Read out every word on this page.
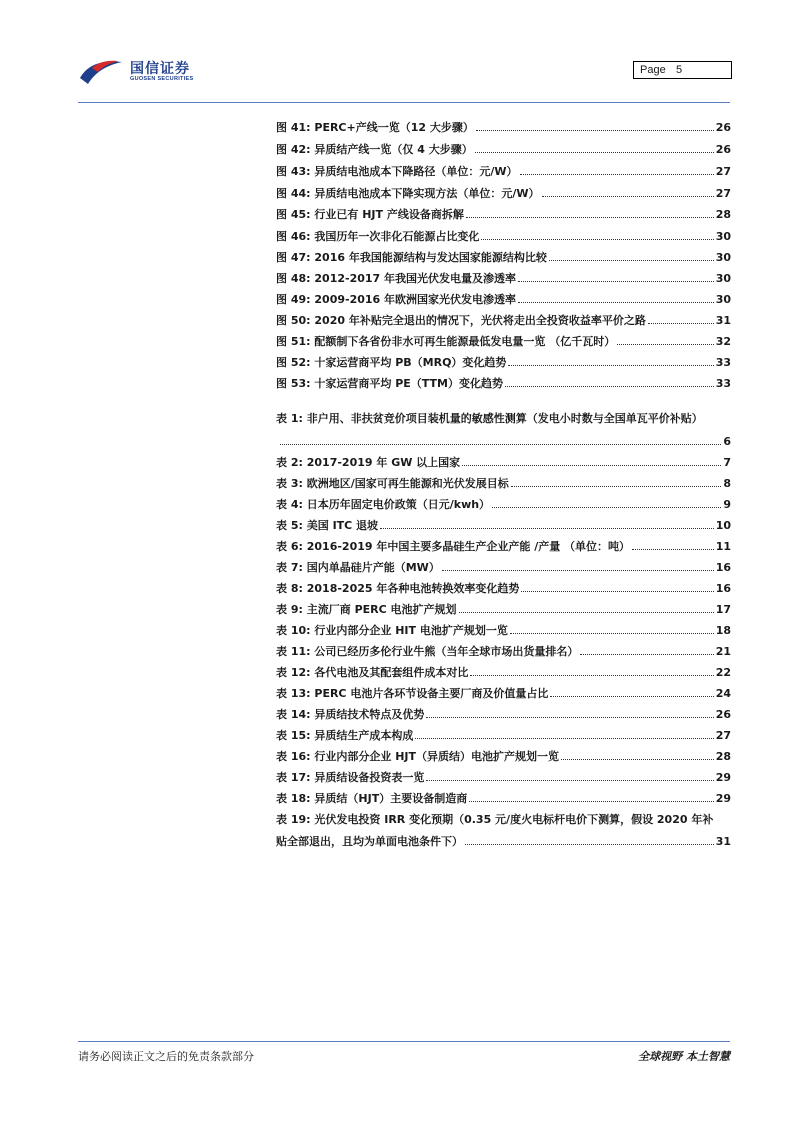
国信证券
GUOSEN SECURITIES
Page 5
图 41: PERC+产线一览（12 大步骤）	26
图 42: 异质结产线一览（仅 4 大步骤）	26
图 43: 异质结电池成本下降路径（单位：元/W）	27
图 44: 异质结电池成本下降实现方法（单位：元/W）	27
图 45: 行业已有 HJT 产线设备商拆解	28
图 46: 我国历年一次非化石能源占比变化	30
图 47: 2016 年我国能源结构与发达国家能源结构比较	30
图 48: 2012-2017 年我国光伏发电量及渗透率	30
图 49: 2009-2016 年欧洲国家光伏发电渗透率	30
图 50: 2020 年补贴完全退出的情况下，光伏将走出全投资收益率平价之路	31
图 51: 配额制下各省份非水可再生能源最低发电量一览 （亿千瓦时）	32
图 52: 十家运营商平均 PB（MRQ）变化趋势	33
图 53: 十家运营商平均 PE（TTM）变化趋势	33
表 1: 非户用、非扶贫竞价项目装机量的敏感性测算（发电小时数与全国单瓦平价补贴）
6
表 2: 2017-2019 年 GW 以上国家	7
表 3: 欧洲地区/国家可再生能源和光伏发展目标	8
表 4: 日本历年固定电价政策（日元/kwh）	9
表 5: 美国 ITC 退坡	10
表 6: 2016-2019 年中国主要多晶硅生产企业产能 /产量 （单位：吨）	11
表 7: 国内单晶硅片产能（MW）	16
表 8: 2018-2025 年各种电池转换效率变化趋势	16
表 9: 主流厂商 PERC 电池扩产规划	17
表 10: 行业内部分企业 HIT 电池扩产规划一览	18
表 11: 公司已经历多伦行业牛熊（当年全球市场出货量排名）	21
表 12: 各代电池及其配套组件成本对比	22
表 13: PERC 电池片各环节设备主要厂商及价值量占比	24
表 14: 异质结技术特点及优势	26
表 15: 异质结生产成本构成	27
表 16: 行业内部分企业 HJT（异质结）电池扩产规划一览	28
表 17: 异质结设备投资表一览	29
表 18: 异质结（HJT）主要设备制造商	29
表 19: 光伏发电投资 IRR 变化预期（0.35 元/度火电标杆电价下测算，假设 2020 年补
贴全部退出，且均为单面电池条件下）	31
请务必阅读正文之后的免责条款部分	全球视野 本土智慧
